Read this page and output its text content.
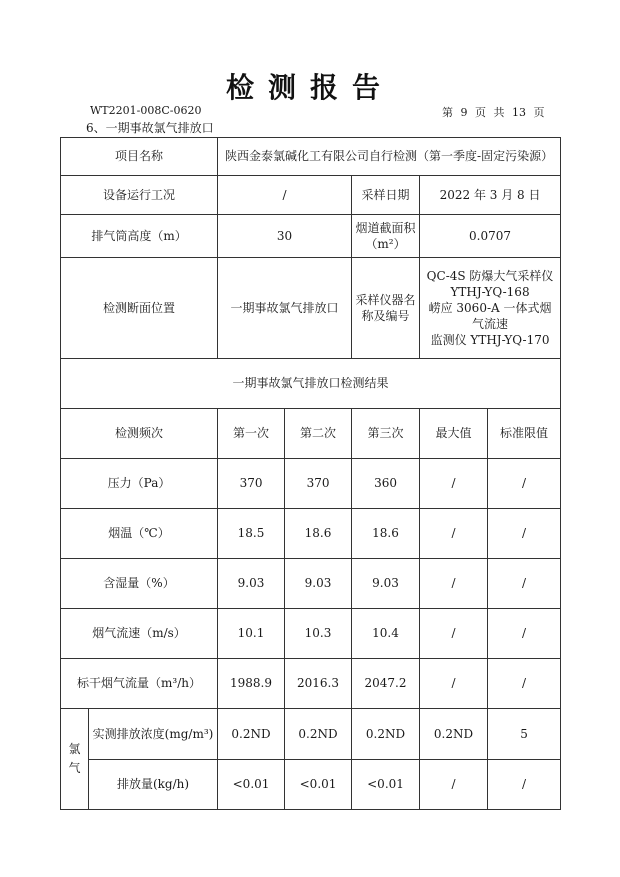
检测报告
WT2201-008C-0620	第 9 页 共 13 页
6、一期事故氯气排放口
项目名称		陕西金泰氯碱化工有限公司自行检测（第一季度-固定污染源）				
设备运行工况		/		采样日期	2022 年 3 月 8 日	
排气筒高度（m）		30		烟道截面积（m²）	0.0707	
检测断面位置		一期事故氯气排放口		采样仪器名称及编号	QC-4S 防爆大气采样仪
YTHJ-YQ-168
崂应 3060-A 一体式烟气流速
监测仪 YTHJ-YQ-170	

一期事故氯气排放口检测结果						
检测频次		第一次	第二次	第三次	最大值	标准限值
压力（Pa）		370	370	360	/	/
烟温（℃）		18.5	18.6	18.6	/	/
含湿量（%）		9.03	9.03	9.03	/	/
烟气流速（m/s）		10.1	10.3	10.4	/	/
标干烟气流量（m³/h）		1988.9	2016.3	2047.2	/	/

氯气	实测排放浓度(mg/m³)	0.2ND	0.2ND	0.2ND	0.2ND	5
	排放量(kg/h)	<0.01	<0.01	<0.01	/	/
